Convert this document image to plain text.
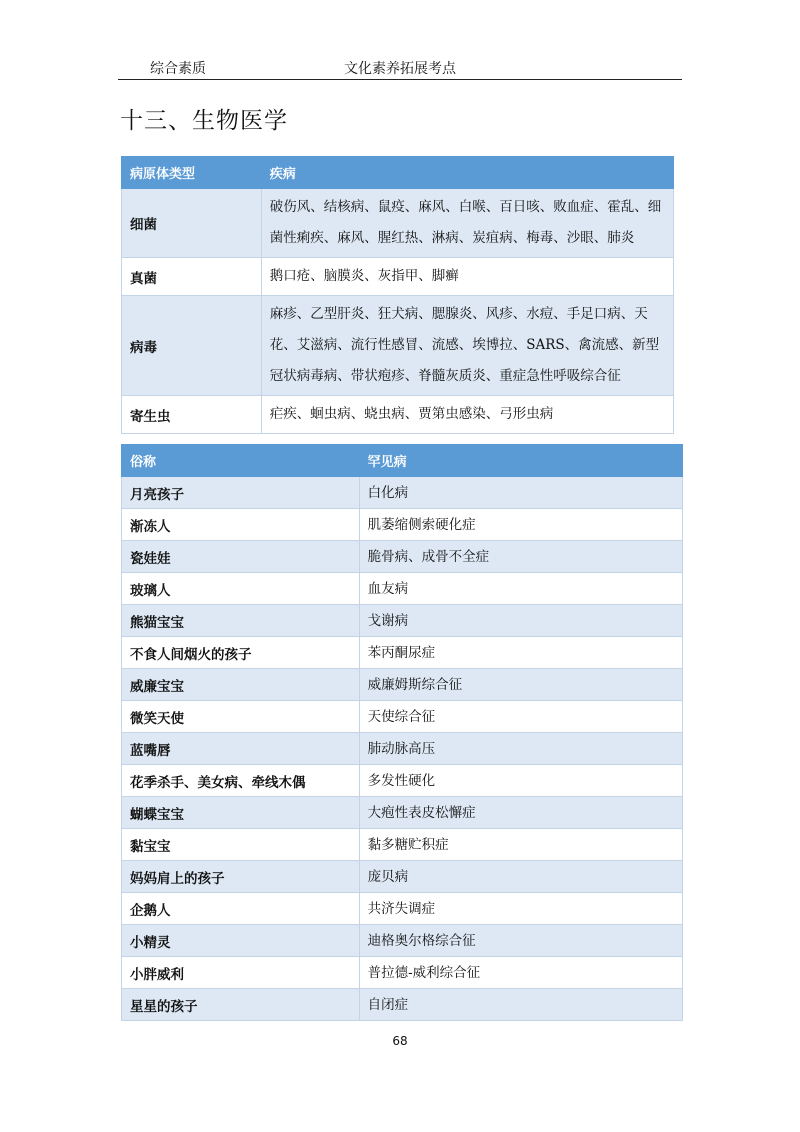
综合素质	文化素养拓展考点
十三、生物医学
病原体类型	疾病
细菌	破伤风、结核病、鼠疫、麻风、白喉、百日咳、败血症、霍乱、细菌性痢疾、麻风、腥红热、淋病、炭疽病、梅毒、沙眼、肺炎
真菌	鹅口疮、脑膜炎、灰指甲、脚癣
病毒	麻疹、乙型肝炎、狂犬病、腮腺炎、风疹、水痘、手足口病、天花、艾滋病、流行性感冒、流感、埃博拉、SARS、禽流感、新型冠状病毒病、带状疱疹、脊髓灰质炎、重症急性呼吸综合征
寄生虫	疟疾、蛔虫病、蛲虫病、贾第虫感染、弓形虫病
俗称	罕见病
月亮孩子	白化病
渐冻人	肌萎缩侧索硬化症
瓷娃娃	脆骨病、成骨不全症
玻璃人	血友病
熊猫宝宝	戈谢病
不食人间烟火的孩子	苯丙酮尿症
威廉宝宝	威廉姆斯综合征
微笑天使	天使综合征
蓝嘴唇	肺动脉高压
花季杀手、美女病、牵线木偶	多发性硬化
蝴蝶宝宝	大疱性表皮松懈症
黏宝宝	黏多糖贮积症
妈妈肩上的孩子	庞贝病
企鹅人	共济失调症
小精灵	迪格奥尔格综合征
小胖威利	普拉德-威利综合征
星星的孩子	自闭症
68
